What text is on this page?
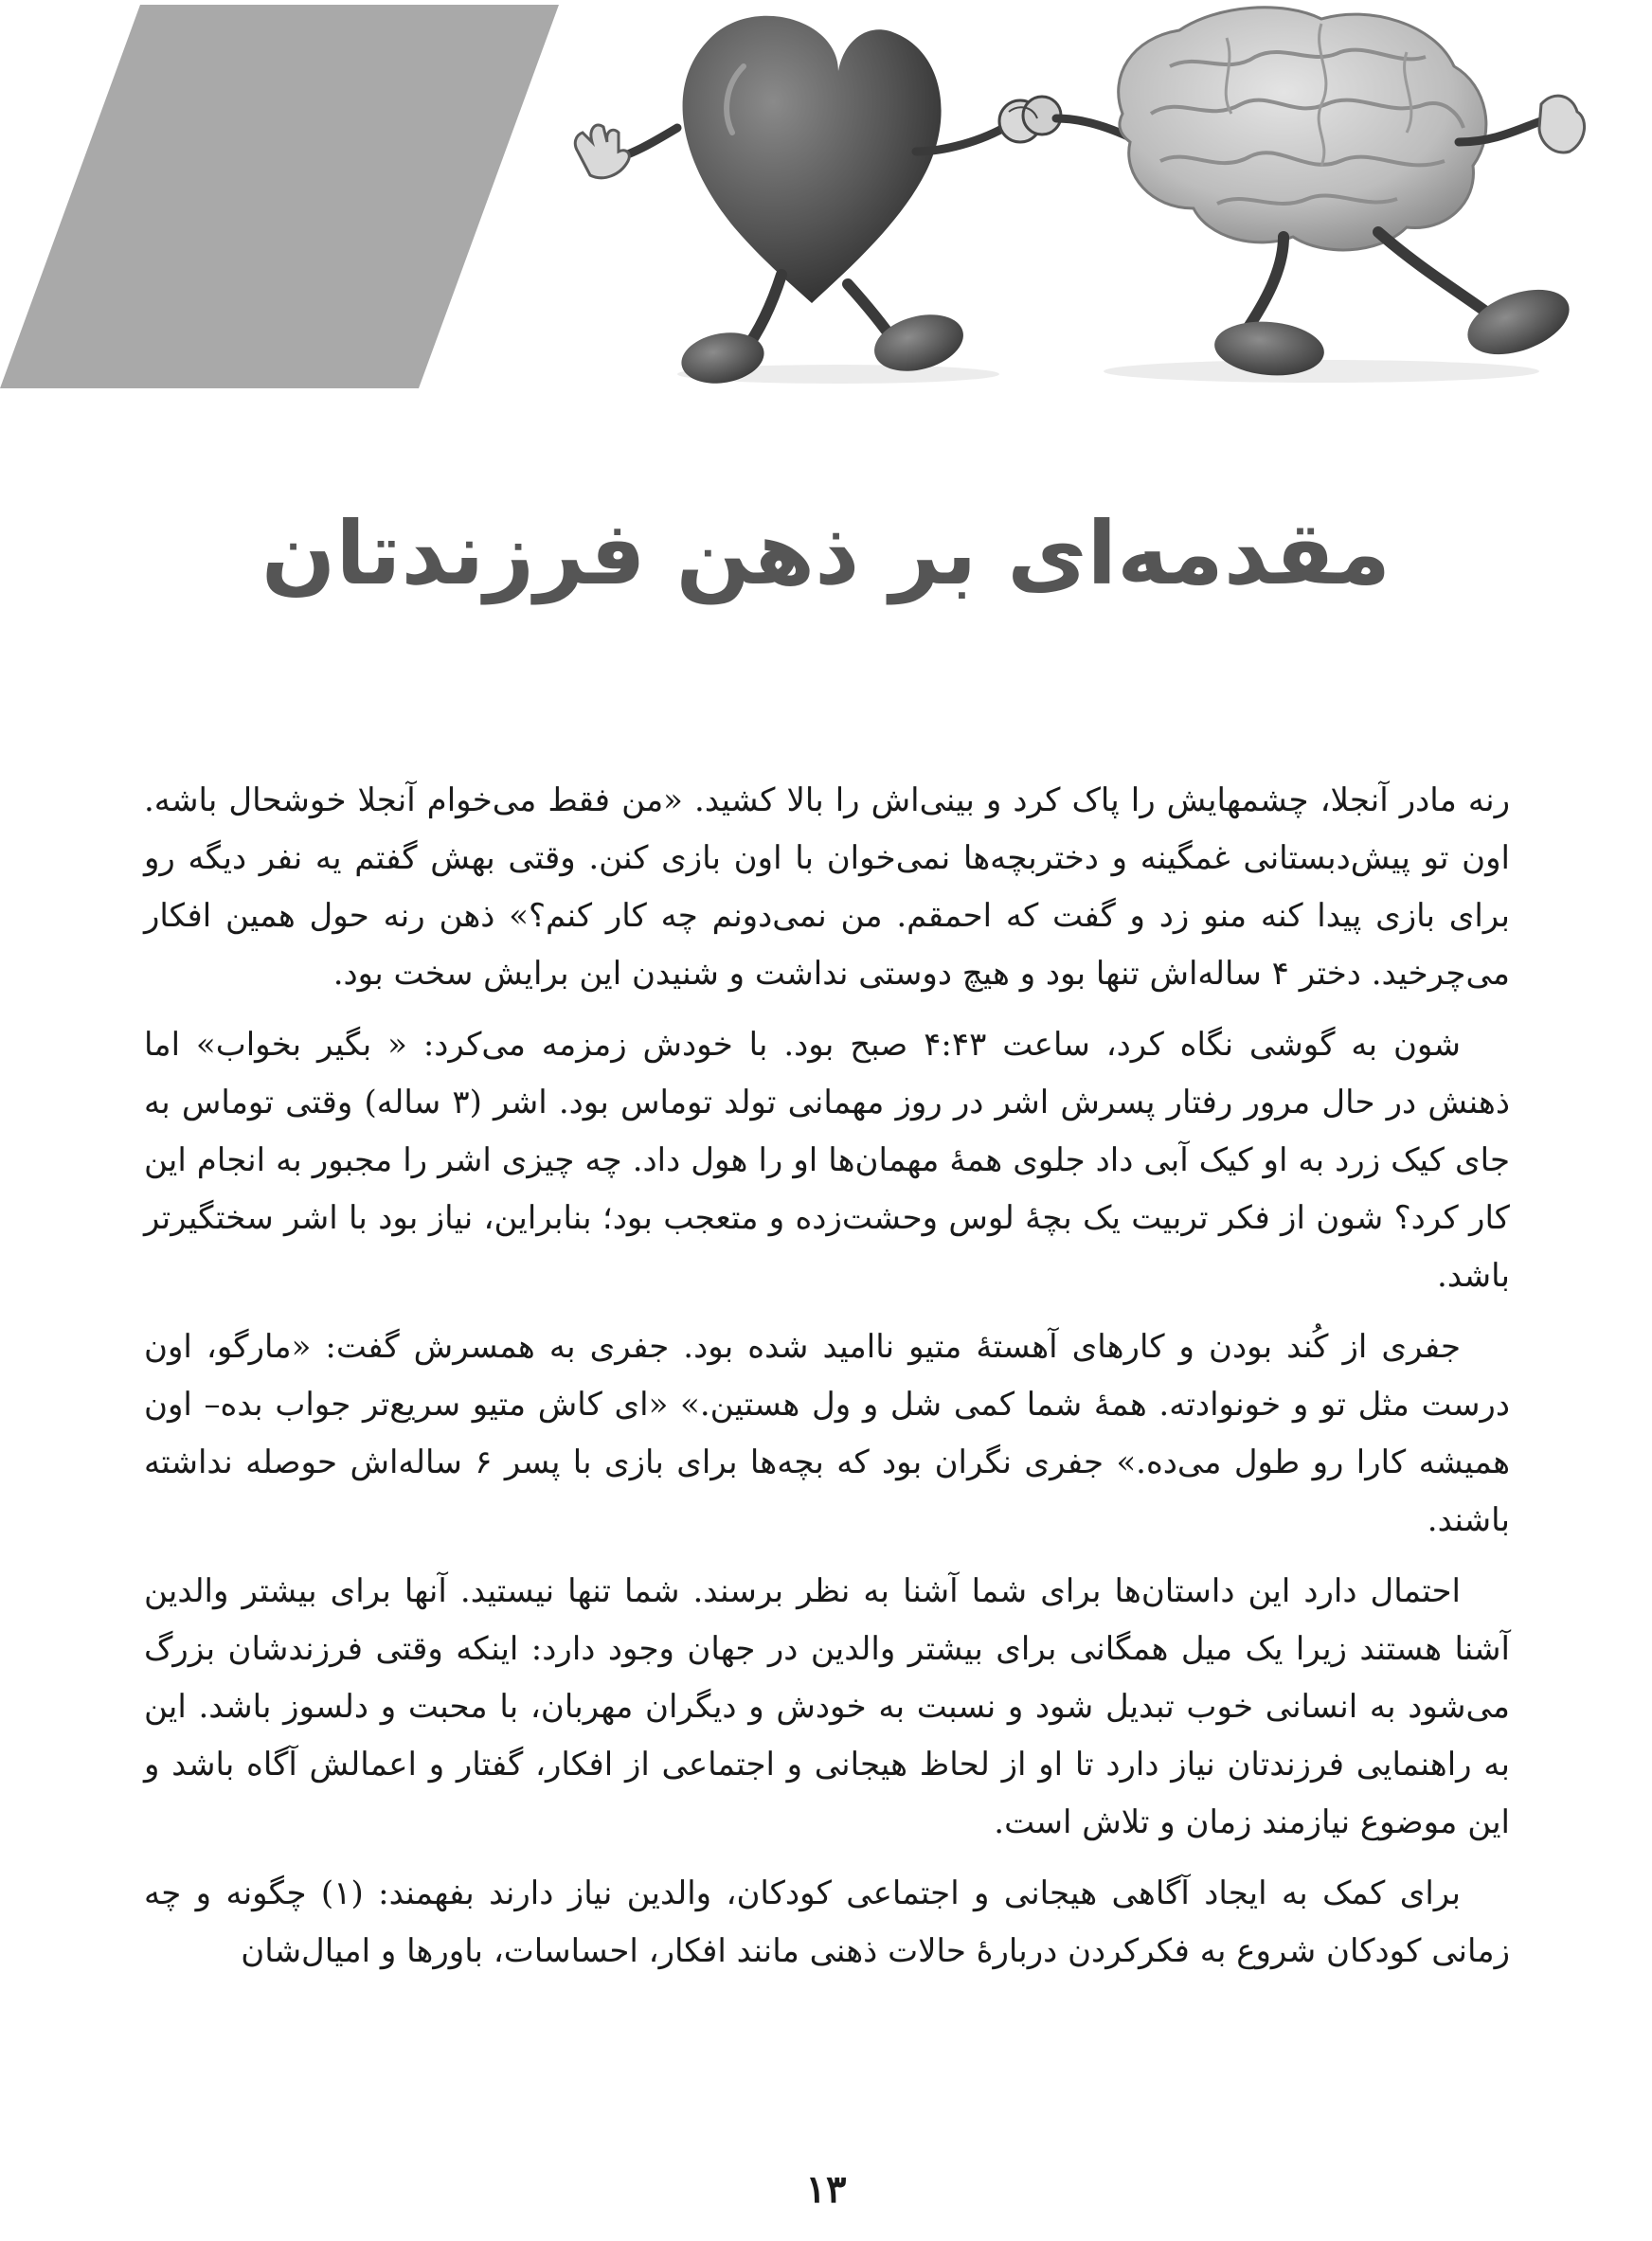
مقدمه‌ای بر ذهن فرزندتان

رنه مادر آنجلا، چشمهایش را پاک کرد و بینی‌اش را بالا کشید. «من فقط می‌خوام آنجلا خوشحال باشه. اون تو پیش‌دبستانی غمگینه و دختربچه‌ها نمی‌خوان با اون بازی کنن. وقتی بهش گفتم یه نفر دیگه رو برای بازی پیدا کنه منو زد و گفت که احمقم. من نمی‌دونم چه کار کنم؟» ذهن رنه حول همین افکار می‌چرخید. دختر ۴ ساله‌اش تنها بود و هیچ دوستی نداشت و شنیدن این برایش سخت بود.

شون به گوشی نگاه کرد، ساعت ۴:۴۳ صبح بود. با خودش زمزمه می‌کرد: « بگیر بخواب» اما ذهنش در حال مرور رفتار پسرش اشر در روز مهمانی تولد توماس بود. اشر (۳ ساله) وقتی توماس به جای کیک زرد به او کیک آبی داد جلوی همهٔ مهمان‌ها او را هول داد. چه چیزی اشر را مجبور به انجام این کار کرد؟ شون از فکر تربیت یک بچهٔ لوس وحشت‌زده و متعجب بود؛ بنابراین، نیاز بود با اشر سختگیرتر باشد.

جفری از کُند بودن و کارهای آهستهٔ متیو ناامید شده بود. جفری به همسرش گفت: «مارگو، اون درست مثل تو و خونوادته. همهٔ شما کمی شل و ول هستین.» «ای کاش متیو سریع‌تر جواب بده– اون همیشه کارا رو طول می‌ده.» جفری نگران بود که بچه‌ها برای بازی با پسر ۶ ساله‌اش حوصله نداشته باشند.

احتمال دارد این داستان‌ها برای شما آشنا به نظر برسند. شما تنها نیستید. آنها برای بیشتر والدین آشنا هستند زیرا یک میل همگانی برای بیشتر والدین در جهان وجود دارد: اینکه وقتی فرزندشان بزرگ می‌شود به انسانی خوب تبدیل شود و نسبت به خودش و دیگران مهربان، با محبت و دلسوز باشد. این به راهنمایی فرزندتان نیاز دارد تا او از لحاظ هیجانی و اجتماعی از افکار، گفتار و اعمالش آگاه باشد و این موضوع نیازمند زمان و تلاش است.

برای کمک به ایجاد آگاهی هیجانی و اجتماعی کودکان، والدین نیاز دارند بفهمند: (۱) چگونه و چه زمانی کودکان شروع به فکرکردن دربارهٔ حالات ذهنی مانند افکار، احساسات، باورها و امیال‌شان

۱۳
